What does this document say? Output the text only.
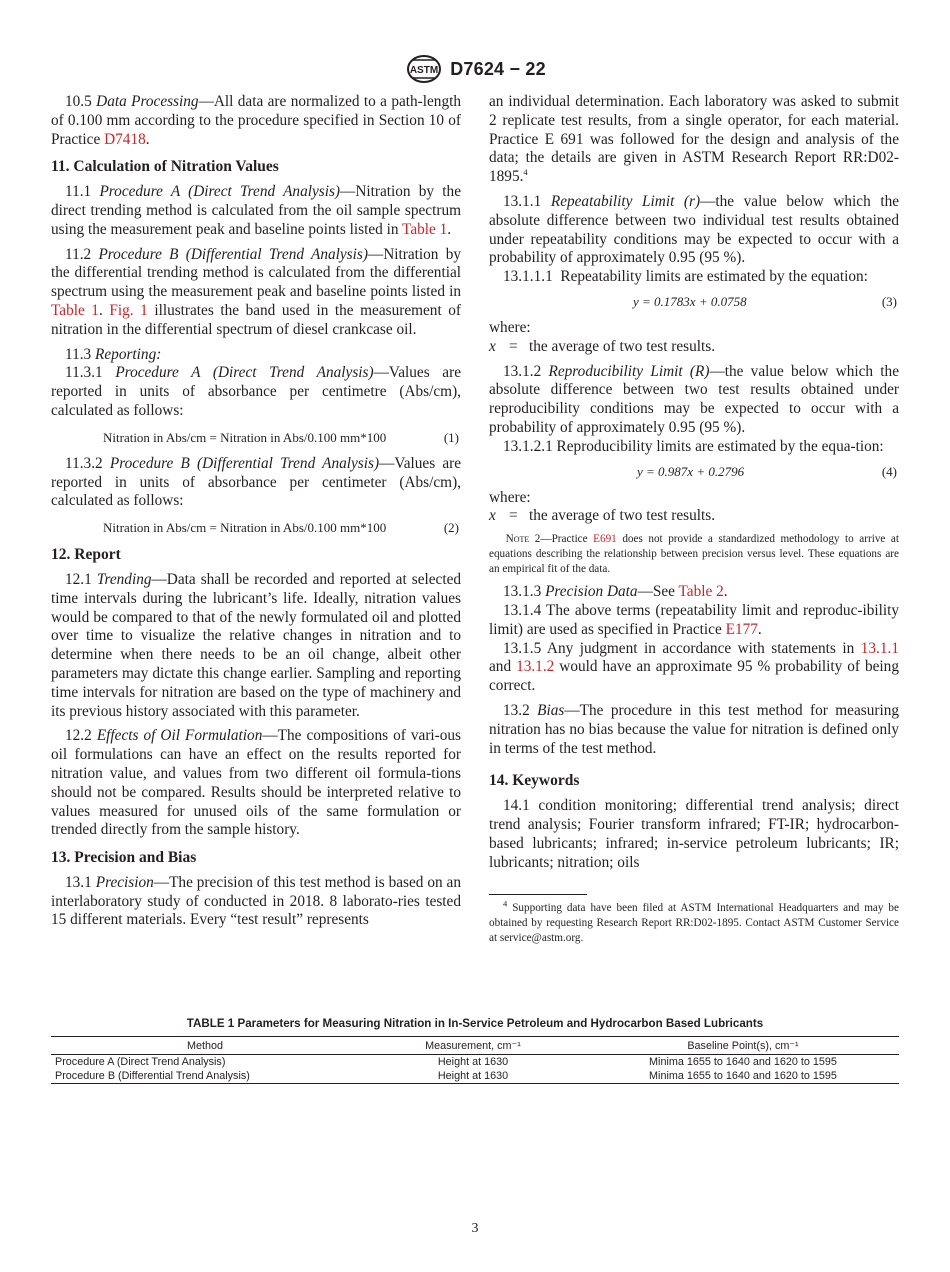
ASTM D7624 − 22

10.5 Data Processing—All data are normalized to a path-length of 0.100 mm according to the procedure specified in Section 10 of Practice D7418.

11. Calculation of Nitration Values

11.1 Procedure A (Direct Trend Analysis)—Nitration by the direct trending method is calculated from the oil sample spectrum using the measurement peak and baseline points listed in Table 1.

11.2 Procedure B (Differential Trend Analysis)—Nitration by the differential trending method is calculated from the differential spectrum using the measurement peak and baseline points listed in Table 1. Fig. 1 illustrates the band used in the measurement of nitration in the differential spectrum of diesel crankcase oil.

11.3 Reporting:

11.3.1 Procedure A (Direct Trend Analysis)—Values are reported in units of absorbance per centimetre (Abs/cm), calculated as follows:

Nitration in Abs/cm = Nitration in Abs/0.100 mm*100	(1)

11.3.2 Procedure B (Differential Trend Analysis)—Values are reported in units of absorbance per centimeter (Abs/cm), calculated as follows:

Nitration in Abs/cm = Nitration in Abs/0.100 mm*100	(2)
12. Report

12.1 Trending—Data shall be recorded and reported at selected time intervals during the lubricant’s life. Ideally, nitration values would be compared to that of the newly formulated oil and plotted over time to visualize the relative changes in nitration and to determine when there needs to be an oil change, albeit other parameters may dictate this change earlier. Sampling and reporting time intervals for nitration are based on the type of machinery and its previous history associated with this parameter.

12.2 Effects of Oil Formulation—The compositions of vari-ous oil formulations can have an effect on the results reported for nitration value, and values from two different oil formula-tions should not be compared. Results should be interpreted relative to values measured for unused oils of the same formulation or trended directly from the sample history.

13. Precision and Bias

13.1 Precision—The precision of this test method is based on an interlaboratory study of conducted in 2018. 8 laborato-ries tested 15 different materials. Every “test result” represents

an individual determination. Each laboratory was asked to submit 2 replicate test results, from a single operator, for each material. Practice E 691 was followed for the design and analysis of the data; the details are given in ASTM Research Report RR:D02-1895.$^4$

13.1.1 Repeatability Limit (r)—the value below which the absolute difference between two individual test results obtained under repeatability conditions may be expected to occur with a probability of approximately 0.95 (95 %).

13.1.1.1 Repeatability limits are estimated by the equation:

y = 0.1783x + 0.0758	(3)

where:

x = the average of two test results.

13.1.2 Reproducibility Limit (R)—the value below which the absolute difference between two test results obtained under reproducibility conditions may be expected to occur with a probability of approximately 0.95 (95 %).

13.1.2.1 Reproducibility limits are estimated by the equa-tion:

y = 0.987x + 0.2796	(4)

where:

x = the average of two test results.

Note 2—Practice E691 does not provide a standardized methodology to arrive at equations describing the relationship between precision versus level. These equations are an empirical fit of the data.

13.1.3 Precision Data—See Table 2.

13.1.4 The above terms (repeatability limit and reproduc-ibility limit) are used as specified in Practice E177.

13.1.5 Any judgment in accordance with statements in 13.1.1 and 13.1.2 would have an approximate 95 % probability of being correct.

13.2 Bias—The procedure in this test method for measuring nitration has no bias because the value for nitration is defined only in terms of the test method.

14. Keywords

14.1 condition monitoring; differential trend analysis; direct trend analysis; Fourier transform infrared; FT-IR; hydrocarbon-based lubricants; infrared; in-service petroleum lubricants; IR; lubricants; nitration; oils

$^4$ Supporting data have been filed at ASTM International Headquarters and may be obtained by requesting Research Report RR:D02-1895. Contact ASTM Customer Service at service@astm.org.

TABLE 1 Parameters for Measuring Nitration in In-Service Petroleum and Hydrocarbon Based Lubricants
Method	Measurement, cm⁻¹	Baseline Point(s), cm⁻¹
Procedure A (Direct Trend Analysis)	Height at 1630	Minima 1655 to 1640 and 1620 to 1595
Procedure B (Differential Trend Analysis)	Height at 1630	Minima 1655 to 1640 and 1620 to 1595
3
